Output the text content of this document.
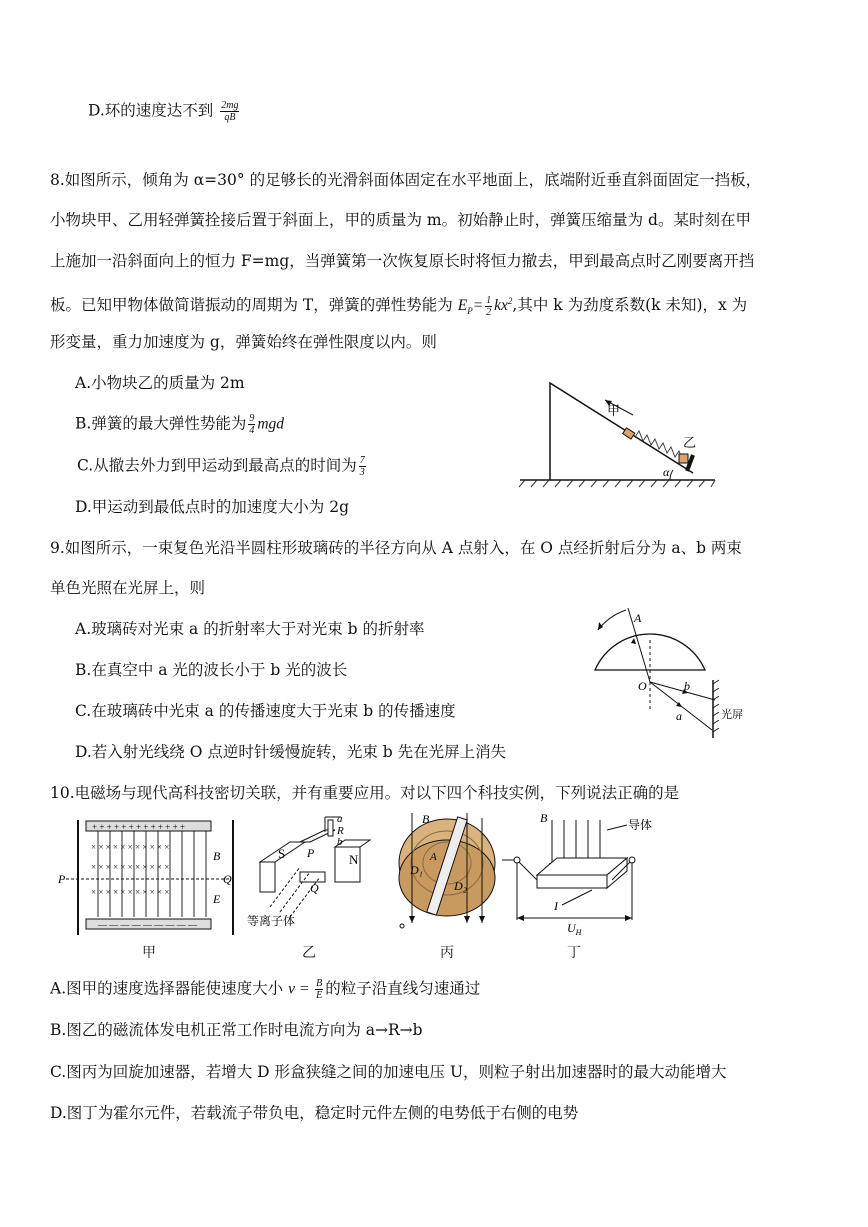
D.环的速度达不到 $\frac{2mg}{qB}$
8.如图所示，倾角为 α=30° 的足够长的光滑斜面体固定在水平地面上，底端附近垂直斜面固定一挡板，
小物块甲、乙用轻弹簧拴接后置于斜面上，甲的质量为 m。初始静止时，弹簧压缩量为 d。某时刻在甲
上施加一沿斜面向上的恒力 F=mg，当弹簧第一次恢复原长时将恒力撤去，甲到最高点时乙刚要离开挡
板。已知甲物体做简谐振动的周期为 T，弹簧的弹性势能为 $E_P= \frac{1}{2} kx^2$,其中 k 为劲度系数(k 未知)，x 为
形变量，重力加速度为 g，弹簧始终在弹性限度以内。则
A.小物块乙的质量为 2m
B.弹簧的最大弹性势能为 $\frac{9}{4}$ mgd
C.从撤去外力到甲运动到最高点的时间为 $\frac{7}{3}$
D.甲运动到最低点时的加速度大小为 2g
甲
乙
α
9.如图所示，一束复色光沿半圆柱形玻璃砖的半径方向从 A 点射入，在 O 点经折射后分为 a、b 两束
单色光照在光屏上，则
A.玻璃砖对光束 a 的折射率大于对光束 b 的折射率
B.在真空中 a 光的波长小于 b 光的波长
C.在玻璃砖中光束 a 的传播速度大于光束 b 的传播速度
D.若入射光线绕 O 点逆时针缓慢旋转，光束 b 先在光屏上消失
A
O	b
a	光屏
10.电磁场与现代高科技密切关联，并有重要应用。对以下四个科技实例，下列说法正确的是
+ + + + + + + + + + + + +
— — — — — — — — —
× × × × × × × × × × ×
× × × × × × × × × × ×
× × × × × × × × × × ×
P	Q
B
E
甲
S	N
P
Q
a
R
b
等离子体
乙
B
A
D₁
D₂
丙
B	导体
I
$U_H$
丁
A.图甲的速度选择器能使速度大小 $v = \frac{B}{E}$ 的粒子沿直线匀速通过
B.图乙的磁流体发电机正常工作时电流方向为 a→R→b
C.图丙为回旋加速器，若增大 D 形盒狭缝之间的加速电压 U，则粒子射出加速器时的最大动能增大
D.图丁为霍尔元件，若载流子带负电，稳定时元件左侧的电势低于右侧的电势
